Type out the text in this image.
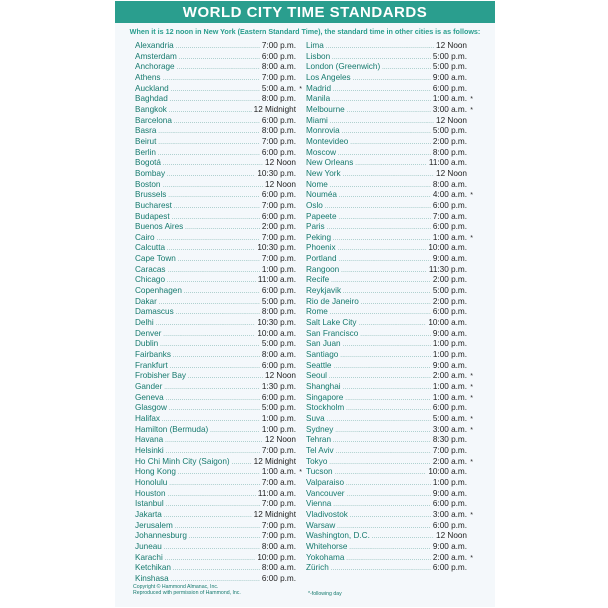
WORLD CITY TIME STANDARDS
When it is 12 noon in New York (Eastern Standard Time), the standard time in other cities is as follows:
Alexandria .....	7:00 p.m.
Amsterdam .....	6:00 p.m.
Anchorage .....	8:00 a.m.
Athens .....	7:00 p.m.
Auckland .....	5:00 a.m. *
Baghdad .....	8:00 p.m.
Bangkok .....	12 Midnight
Barcelona .....	6:00 p.m.
Basra .....	8:00 p.m.
Beirut .....	7:00 p.m.
Berlin .....	6:00 p.m.
Bogotá .....	12 Noon
Bombay .....	10:30 p.m.
Boston .....	12 Noon
Brussels .....	6:00 p.m.
Bucharest .....	7:00 p.m.
Budapest .....	6:00 p.m.
Buenos Aires .....	2:00 p.m.
Cairo .....	7:00 p.m.
Calcutta .....	10:30 p.m.
Cape Town .....	7:00 p.m.
Caracas .....	1:00 p.m.
Chicago .....	11:00 a.m.
Copenhagen .....	6:00 p.m.
Dakar .....	5:00 p.m.
Damascus .....	8:00 p.m.
Delhi .....	10:30 p.m.
Denver .....	10:00 a.m.
Dublin .....	5:00 p.m.
Fairbanks .....	8:00 a.m.
Frankfurt .....	6:00 p.m.
Frobisher Bay .....	12 Noon
Gander .....	1:30 p.m.
Geneva .....	6:00 p.m.
Glasgow .....	5:00 p.m.
Halifax .....	1:00 p.m.
Hamilton (Bermuda) .....	1:00 p.m.
Havana .....	12 Noon
Helsinki .....	7:00 p.m.
Ho Chi Minh City (Saigon) .....	12 Midnight
Hong Kong .....	1:00 a.m. *
Honolulu .....	7:00 a.m.
Houston .....	11:00 a.m.
Istanbul .....	7:00 p.m.
Jakarta .....	12 Midnight
Jerusalem .....	7:00 p.m.
Johannesburg .....	7:00 p.m.
Juneau .....	8:00 a.m.
Karachi .....	10:00 p.m.
Ketchikan .....	8:00 a.m.
Kinshasa .....	6:00 p.m.
Lima .....	12 Noon
Lisbon .....	5:00 p.m.
London (Greenwich) .....	5:00 p.m.
Los Angeles .....	9:00 a.m.
Madrid .....	6:00 p.m.
Manila .....	1:00 a.m. *
Melbourne .....	3:00 a.m. *
Miami .....	12 Noon
Monrovia .....	5:00 p.m.
Montevideo .....	2:00 p.m.
Moscow .....	8:00 p.m.
New Orleans .....	11:00 a.m.
New York .....	12 Noon
Nome .....	8:00 a.m.
Nouméa .....	4:00 a.m. *
Oslo .....	6:00 p.m.
Papeete .....	7:00 a.m.
Paris .....	6:00 p.m.
Peking .....	1:00 a.m. *
Phoenix .....	10:00 a.m.
Portland .....	9:00 a.m.
Rangoon .....	11:30 p.m.
Recife .....	2:00 p.m.
Reykjavik .....	5:00 p.m.
Rio de Janeiro .....	2:00 p.m.
Rome .....	6:00 p.m.
Salt Lake City .....	10:00 a.m.
San Francisco .....	9:00 a.m.
San Juan .....	1:00 p.m.
Santiago .....	1:00 p.m.
Seattle .....	9:00 a.m.
Seoul .....	2:00 a.m. *
Shanghai .....	1:00 a.m. *
Singapore .....	1:00 a.m. *
Stockholm .....	6:00 p.m.
Suva .....	5:00 a.m. *
Sydney .....	3:00 a.m. *
Tehran .....	8:30 p.m.
Tel Aviv .....	7:00 p.m.
Tokyo .....	2:00 a.m. *
Tucson .....	10:00 a.m.
Valparaiso .....	1:00 p.m.
Vancouver .....	9:00 a.m.
Vienna .....	6:00 p.m.
Vladivostok .....	3:00 a.m. *
Warsaw .....	6:00 p.m.
Washington, D.C. .....	12 Noon
Whitehorse .....	9:00 a.m.
Yokohama .....	2:00 a.m. *
Zürich .....	6:00 p.m.
Copyright © Hammond Almanac, Inc.
Reproduced with permission of Hammond, Inc.	*-following day
